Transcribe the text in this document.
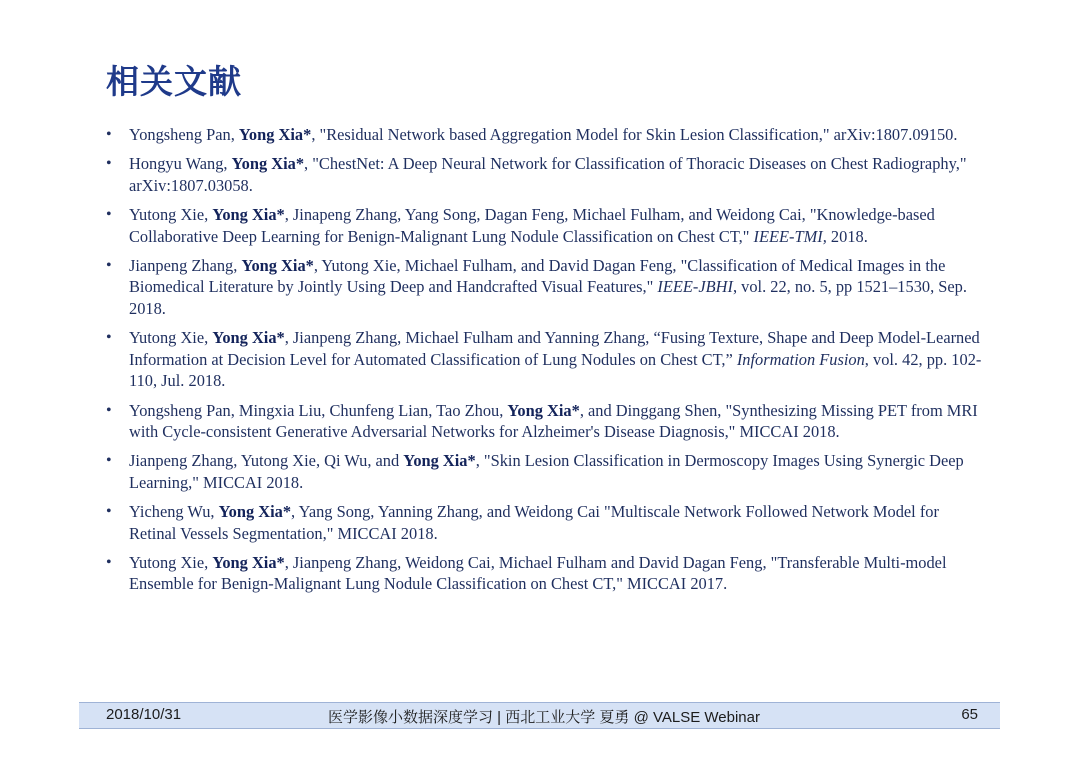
相关文献
• Yongsheng Pan, Yong Xia*, "Residual Network based Aggregation Model for Skin Lesion Classification," arXiv:1807.09150.
• Hongyu Wang, Yong Xia*, "ChestNet: A Deep Neural Network for Classification of Thoracic Diseases on Chest Radiography," arXiv:1807.03058.
• Yutong Xie, Yong Xia*, Jinapeng Zhang, Yang Song, Dagan Feng, Michael Fulham, and Weidong Cai, "Knowledge-based Collaborative Deep Learning for Benign-Malignant Lung Nodule Classification on Chest CT," IEEE-TMI, 2018.
• Jianpeng Zhang, Yong Xia*, Yutong Xie, Michael Fulham, and David Dagan Feng, "Classification of Medical Images in the Biomedical Literature by Jointly Using Deep and Handcrafted Visual Features," IEEE-JBHI, vol. 22, no. 5, pp 1521–1530, Sep. 2018.
• Yutong Xie, Yong Xia*, Jianpeng Zhang, Michael Fulham and Yanning Zhang, “Fusing Texture, Shape and Deep Model-Learned Information at Decision Level for Automated Classification of Lung Nodules on Chest CT,” Information Fusion, vol. 42, pp. 102-110, Jul. 2018.
• Yongsheng Pan, Mingxia Liu, Chunfeng Lian, Tao Zhou, Yong Xia*, and Dinggang Shen, "Synthesizing Missing PET from MRI with Cycle-consistent Generative Adversarial Networks for Alzheimer's Disease Diagnosis," MICCAI 2018.
• Jianpeng Zhang, Yutong Xie, Qi Wu, and Yong Xia*, "Skin Lesion Classification in Dermoscopy Images Using Synergic Deep Learning," MICCAI 2018.
• Yicheng Wu, Yong Xia*, Yang Song, Yanning Zhang, and Weidong Cai "Multiscale Network Followed Network Model for Retinal Vessels Segmentation," MICCAI 2018.
• Yutong Xie, Yong Xia*, Jianpeng Zhang, Weidong Cai, Michael Fulham and David Dagan Feng, "Transferable Multi-model Ensemble for Benign-Malignant Lung Nodule Classification on Chest CT," MICCAI 2017.
2018/10/31	医学影像小数据深度学习 | 西北工业大学 夏勇 @ VALSE Webinar	65
